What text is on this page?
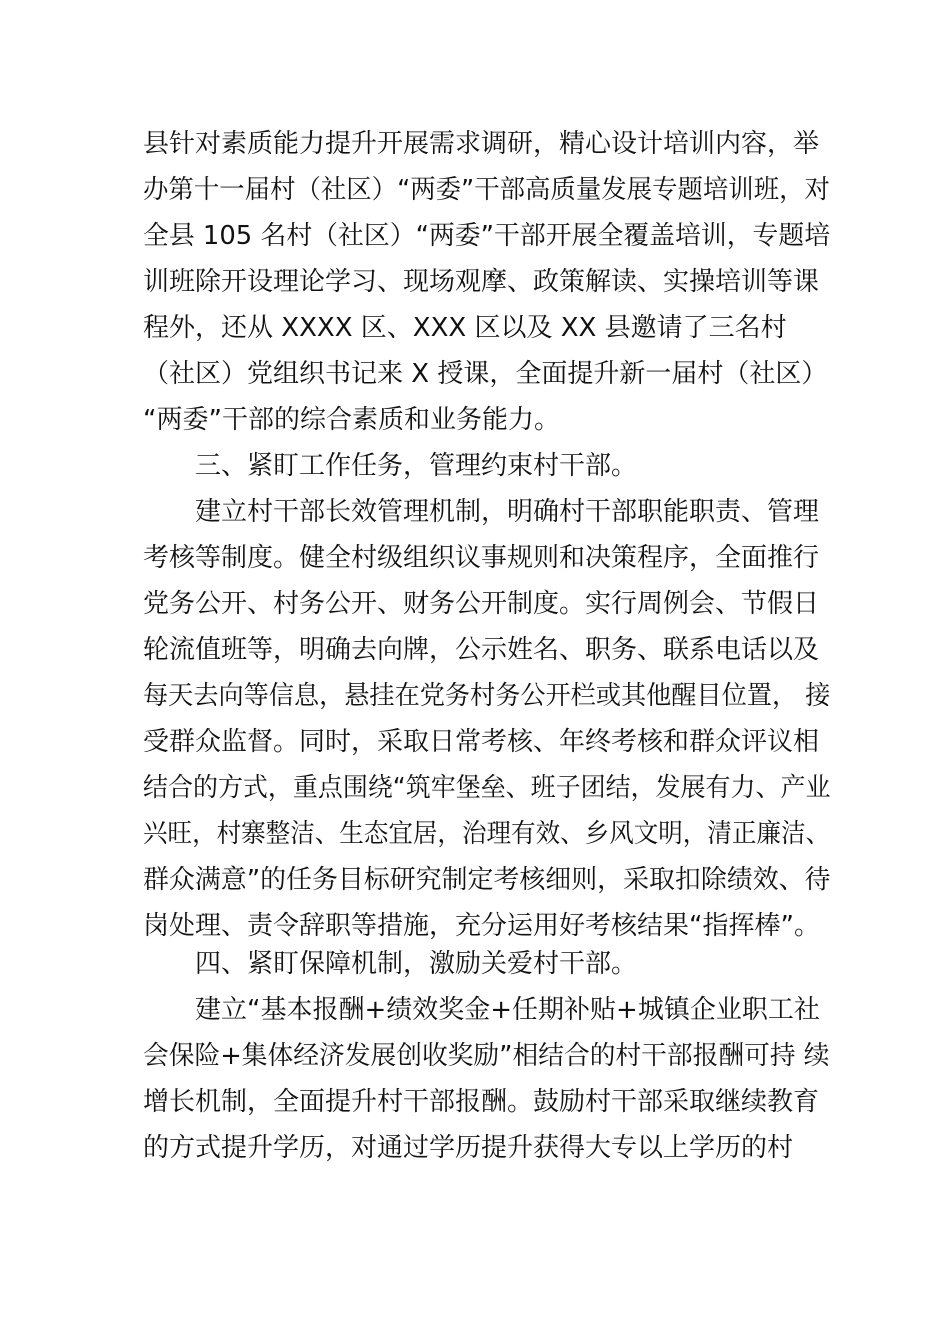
县针对素质能力提升开展需求调研，精心设计培训内容，举
办第十一届村（社区）“两委”干部高质量发展专题培训班，对
全县 105 名村（社区）“两委”干部开展全覆盖培训，专题培
训班除开设理论学习、现场观摩、政策解读、实操培训等课
程外，还从 XXXX 区、XXX 区以及 XX 县邀请了三名村
（社区）党组织书记来 X 授课，全面提升新一届村（社区）
“两委”干部的综合素质和业务能力。
三、紧盯工作任务，管理约束村干部。
建立村干部长效管理机制，明确村干部职能职责、管理
考核等制度。健全村级组织议事规则和决策程序，全面推行
党务公开、村务公开、财务公开制度。实行周例会、节假日
轮流值班等，明确去向牌，公示姓名、职务、联系电话以及
每天去向等信息，悬挂在党务村务公开栏或其他醒目位置， 接
受群众监督。同时，采取日常考核、年终考核和群众评议相
结合的方式，重点围绕“筑牢堡垒、班子团结，发展有力、产业
兴旺，村寨整洁、生态宜居，治理有效、乡风文明，清正廉洁、
群众满意”的任务目标研究制定考核细则，采取扣除绩效、待
岗处理、责令辞职等措施，充分运用好考核结果“指挥棒”。
四、紧盯保障机制，激励关爱村干部。
建立“基本报酬+绩效奖金+任期补贴+城镇企业职工社
会保险+集体经济发展创收奖励”相结合的村干部报酬可持 续
增长机制，全面提升村干部报酬。鼓励村干部采取继续教育
的方式提升学历，对通过学历提升获得大专以上学历的村
